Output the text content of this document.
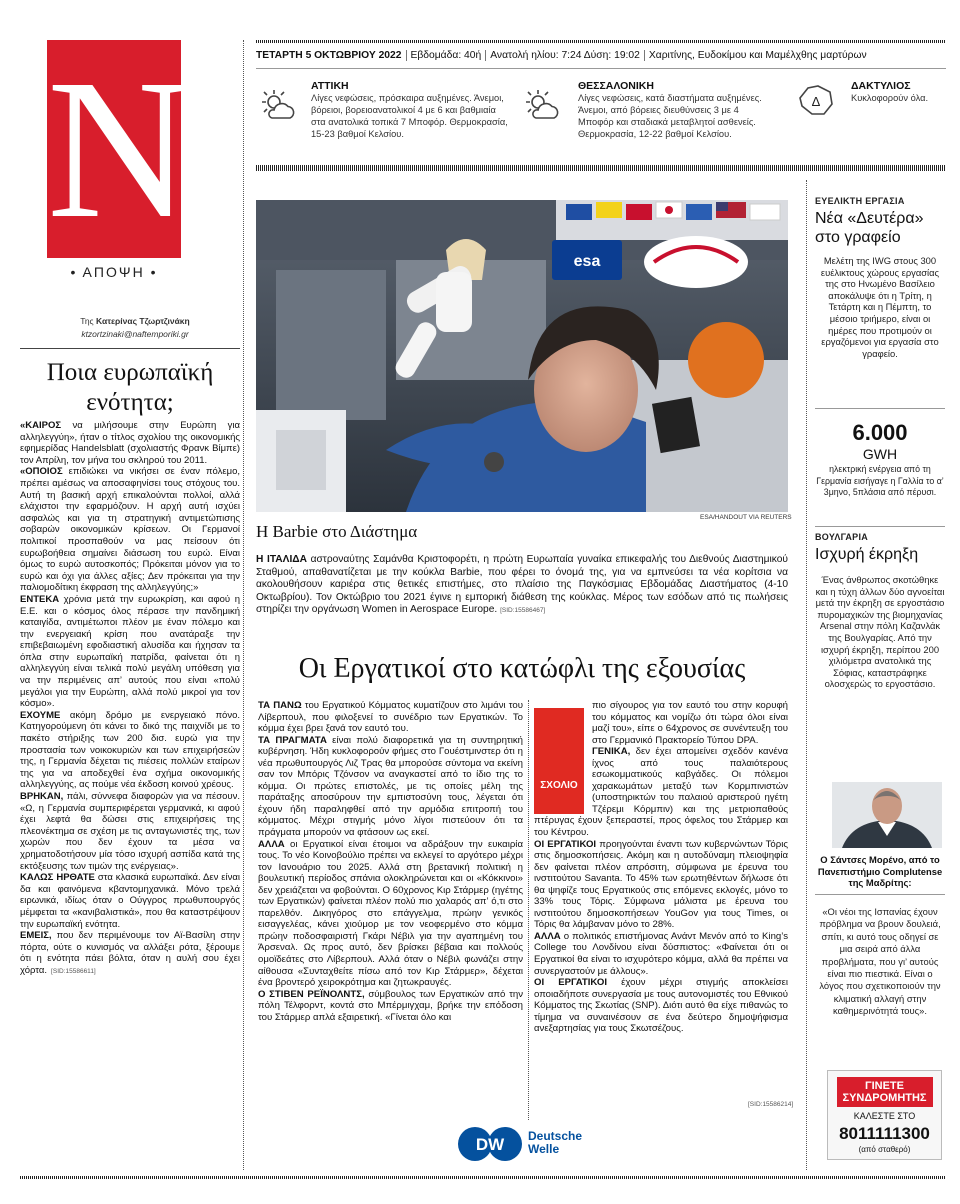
N
• ΑΠΟΨΗ •
Της Κατερίνας Τζωρτζινάκη
ktzortzinaki@naftemporiki.gr
Ποια ευρωπαϊκή ενότητα;

«ΚΑΙΡΟΣ να μιλήσουμε στην Ευρώπη για αλληλεγγύη», ήταν ο τίτλος σχολίου της οικονομικής εφημερίδας Handelsblatt (σχολιαστής Φρανκ Βίμπε) τον Απρίλη, τον μήνα του σκληρού του 2011.

«ΟΠΟΙΟΣ επιδιώκει να νικήσει σε έναν πόλεμο, πρέπει αμέσως να αποσαφηνίσει τους στόχους του. Αυτή τη βασική αρχή επικαλούνται πολλοί, αλλά ελάχιστοι την εφαρμόζουν. Η αρχή αυτή ισχύει ασφαλώς και για τη στρατηγική αντιμετώπισης σοβαρών οικονομικών κρίσεων. Οι Γερμανοί πολιτικοί προσπαθούν να μας πείσουν ότι ευρωβοήθεια σημαίνει διάσωση του ευρώ. Είναι όμως το ευρώ αυτοσκοπός; Πρόκειται μόνον για το ευρώ και όχι για άλλες αξίες; Δεν πρόκειται για την παλιομοδίτικη έκφραση της αλληλεγγύης;»

ΕΝΤΕΚΑ χρόνια μετά την ευρωκρίση, και αφού η Ε.Ε. και ο κόσμος όλος πέρασε την πανδημική καταιγίδα, αντιμέτωπoι πλέον με έναν πόλεμο και την ενεργειακή κρίση που ανατάραξε την επιβεβαιωμένη εφοδιαστική αλυσίδα και ήχησαν τα όπλα στην ευρωπαϊκή πατρίδα, φαίνεται ότι η αλληλεγγύη είναι τελικά πολύ μεγάλη υπόθεση για να την περιμένεις απ’ αυτούς που είναι «πολύ μεγάλοι για την Ευρώπη, αλλά πολύ μικροί για τον κόσμο».

ΕΧΟΥΜΕ ακόμη δρόμο με ενεργειακό πόνο. Κατηγορούμενη ότι κάνει το δικό της παιχνίδι με το πακέτο στήριξης των 200 δισ. ευρώ για την προστασία των νοικοκυριών και των επιχειρήσεών της, η Γερμανία δέχεται τις πιέσεις πολλών εταίρων της για να αποδεχθεί ένα σχήμα οικονομικής αλληλεγγύης, ας πούμε νέα έκδοση κοινού χρέους.

ΒΡΗΚΑΝ, πάλι, σύννεφα διαφορών για να πέσουν. «Ω, η Γερμανία συμπεριφέρεται γερμανικά, κι αφού έχει λεφτά θα δώσει στις επιχειρήσεις της πλεονέκτημα σε σχέση με τις ανταγωνιστές της, των χωρών που δεν έχουν τα μέσα να χρηματοδοτήσουν μία τόσο ισχυρή ασπίδα κατά της εκτόξευσης των τιμών της ενέργειας».

ΚΑΛΩΣ ΗΡΘΑΤΕ στα κλασικά ευρωπαϊκά. Δεν είναι δα και φαινόμενα κβαντομηχανικά. Μόνο τρελά ειρωνικά, ιδίως όταν ο Ούγγρος πρωθυπουργός μέμφεται τα «κανιβαλιστικά», που θα καταστρέψουν την ευρωπαϊκή ενότητα.

ΕΜΕΙΣ, που δεν περιμένουμε τον Αϊ-Βασίλη στην πόρτα, ούτε ο κυνισμός να αλλάξει ρότα, ξέρουμε ότι η ενότητα πάει βόλτα, όταν η αυλή σου έχει χόρτα. [SID:15586611]

ΤΕΤΑΡΤΗ 5 ΟΚΤΩΒΡΙΟΥ 2022 Εβδομάδα: 40ή Ανατολή ηλίου: 7:24 Δύση: 19:02 Χαριτίνης, Ευδοκίμου και Μαμέλχθης μαρτύρων
ΑΤΤΙΚΗ
Λίγες νεφώσεις, πρόσκαιρα αυξημένες. Άνεμοι, βόρειοι, βορειοανατολικοί 4 με 6 και βαθμιαία στα ανατολικά τοπικά 7 Μποφόρ. Θερμοκρασία, 15-23 βαθμοί Κελσίου.
ΘΕΣΣΑΛΟΝΙΚΗ
Λίγες νεφώσεις, κατά διαστήματα αυξημένες. Άνεμοι, από βόρειες διευθύνσεις 3 με 4 Μποφόρ και σταδιακά μεταβλητοί ασθενείς. Θερμοκρασία, 12-22 βαθμοί Κελσίου.
Δ
ΔΑΚΤΥΛΙΟΣ
Κυκλοφορούν όλα.
esa
ESA/HANDOUT VIA REUTERS
Η Barbie στο Διάστημα
Η ΙΤΑΛΙΔΑ αστροναύτης Σαμάνθα Κριστοφορέτι, η πρώτη Ευρωπαία γυναίκα επικεφαλής του Διεθνούς Διαστημικού Σταθμού, απαθανατίζεται με την κούκλα Barbie, που φέρει το όνομά της, για να εμπνεύσει τα νέα κορίτσια να ακολουθήσουν καριέρα στις θετικές επιστήμες, στο πλαίσιο της Παγκόσμιας Εβδομάδας Διαστήματος (4-10 Οκτωβρίου). Τον Οκτώβριο του 2021 έγινε η εμπορική διάθεση της κούκλας. Μέρος των εσόδων από τις πωλήσεις στηρίζει την οργάνωση Women in Aerospace Europe. [SID:15586467]
Οι Εργατικοί στο κατώφλι της εξουσίας

ΤΑ ΠΑΝΩ του Εργατικού Κόμματος κυματίζουν στο λιμάνι του Λίβερπουλ, που φιλοξενεί το συνέδριο των Εργατικών. Το κόμμα έχει βρει ξανά τον εαυτό του.

ΤΑ ΠΡΑΓΜΑΤΑ είναι πολύ διαφορετικά για τη συντηρητική κυβέρνηση. Ήδη κυκλοφορούν φήμες στο Γουέστμινστερ ότι η νέα πρωθυπουργός Λιζ Τρας θα μπορούσε σύντομα να εκείνη σαν τον Μπόρις Τζόνσον να αναγκαστεί από το ίδιο της το κόμμα. Οι πρώτες επιστολές, με τις οποίες μέλη της παράταξης αποσύρουν την εμπιστοσύνη τους, λέγεται ότι έχουν ήδη παραληφθεί από την αρμόδια επιτροπή του κόμματος. Μέχρι στιγμής μόνο λίγοι πιστεύουν ότι τα πράγματα μπορούν να φτάσουν ως εκεί.

ΑΛΛΑ οι Εργατικοί είναι έτοιμοι να αδράξουν την ευκαιρία τους. Το νέο Κοινοβούλιο πρέπει να εκλεγεί το αργότερο μέχρι τον Ιανουάριο του 2025. Αλλά στη βρετανική πολιτική η βουλευτική περίοδος σπάνια ολοκληρώνεται και οι «Κόκκινοι» δεν χρειάζεται να φοβούνται. Ο 60χρονος Κιρ Στάρμερ (ηγέτης των Εργατικών) φαίνεται πλέον πολύ πιο χαλαρός απ’ ό,τι στο παρελθόν. Δικηγόρος στο επάγγελμα, πρώην γενικός εισαγγελέας, κάνει χιούμορ με τον νεοφερμένο στο κόμμα πρώην ποδοσφαιριστή Γκάρι Νέβιλ για την αγαπημένη του Άρσεναλ. Ως προς αυτό, δεν βρίσκει βέβαια και πολλούς ομοϊδεάτες στο Λίβερπουλ. Αλλά όταν ο Νέβιλ φωνάζει στην αίθουσα «Συνταχθείτε πίσω από τον Κιρ Στάρμερ», δέχεται ένα βροντερό χειροκρότημα και ζητωκραυγές.

Ο ΣΤΙΒΕΝ ΡΕΪΝΟΛΝΤΣ, σύμβουλος των Εργατικών από την πόλη Τέλφορντ, κοντά στο Μπέρμιγχαμ, βρήκε την επόδοση του Στάρμερ απλά εξαιρετική. «Γίνεται όλο και

πιο σίγουρος για τον εαυτό του στην κορυφή του κόμματος και νομίζω ότι τώρα όλοι είναι μαζί του», είπε ο 64χρονος σε συνέντευξη του στο Γερμανικό Πρακτορείο Τύπου DPA.

ΓΕΝΙΚΑ, δεν έχει απομείνει σχεδόν κανένα ίχνος από τους παλαιότερους εσωκομματικούς καβγάδες. Οι πόλεμοι χαρακωμάτων μεταξύ των Κορμπινιστών (υποστηρικτών του παλαιού αριστερού ηγέτη Τζέρεμι Κόρμπιν) και της μετριοπαθούς πτέρυγας έχουν ξεπεραστεί, προς όφελος του Στάρμερ και του Κέντρου.

ΟΙ ΕΡΓΑΤΙΚΟΙ προηγούνται έναντι των κυβερνώντων Τόρις στις δημοσκοπήσεις. Ακόμη και η αυτοδύναμη πλειοψηφία δεν φαίνεται πλέον απρόσιτη, σύμφωνα με έρευνα του ινστιτούτου Savanta. Το 45% των ερωτηθέντων δήλωσε ότι θα ψηφίζε τους Εργατικούς στις επόμενες εκλογές, μόνο το 33% τους Τόρις. Σύμφωνα μάλιστα με έρευνα του ινστιτούτου δημοσκοπήσεων YouGov για τους Times, οι Τόρις θα λάμβαναν μόνο το 28%.

ΑΛΛΑ ο πολιτικός επιστήμονας Ανάντ Μενόν από το King’s College του Λονδίνου είναι δύσπιστος: «Φαίνεται ότι οι Εργατικοί θα είναι το ισχυρότερο κόμμα, αλλά θα πρέπει να συνεργαστούν με άλλους».

ΟΙ ΕΡΓΑΤΙΚΟΙ έχουν μέχρι στιγμής αποκλείσει οποιαδήποτε συνεργασία με τους αυτονομιστές του Εθνικού Κόμματος της Σκωτίας (SNP). Διότι αυτό θα είχε πιθανώς το τίμημα να συναινέσουν σε ένα δεύτερο δημοψήφισμα ανεξαρτησίας για τους Σκωτσέζους.

ΣΧΟΛΙΟ
[SID:15586214]
DW Deutsche
Welle
ΕΥΕΛΙΚΤΗ ΕΡΓΑΣΙΑ
Νέα «Δευτέρα» στο γραφείο
Μελέτη της IWG στους 300 ευέλικτους χώρους εργασίας της στο Ηνωμένο Βασίλειο αποκάλυψε ότι η Τρίτη, η Τετάρτη και η Πέμπτη, το μέσοιο τριήμερο, είναι οι ημέρες που προτιμούν οι εργαζόμενοι για εργασία στο γραφείο.
6.000
GWH
ηλεκτρική ενέργεια από τη Γερμανία εισήγαγε η Γαλλία το α’ 3μηνο, 5πλάσια από πέρυσι.
ΒΟΥΛΓΑΡΙΑ
Ισχυρή έκρηξη
Ένας άνθρωπος σκοτώθηκε και η τύχη άλλων δύο αγνοείται μετά την έκρηξη σε εργοστάσιο πυρομαχικών της βιομηχανίας Arsenal στην πόλη Καζανλάκ της Βουλγαρίας. Από την ισχυρή έκρηξη, περίπου 200 χιλιόμετρα ανατολικά της Σόφιας, καταστράφηκε ολοσχερώς το εργοστάσιο.
Ο Σάντσες Μορένο, από το Πανεπιστήμιο Complutense της Μαδρίτης:
«Οι νέοι της Ισπανίας έχουν πρόβλημα να βρουν δουλειά, σπίτι, κι αυτό τους οδηγεί σε μια σειρά από άλλα προβλήματα, που γι’ αυτούς είναι πιο πιεστικά. Είναι ο λόγος που σχετικοποιούν την κλιματική αλλαγή στην καθημερινότητά τους».
ΓΙΝΕΤΕ
ΣΥΝΔΡΟΜΗΤΗΣ
ΚΑΛΕΣΤΕ ΣΤΟ
8011111300
(από σταθερό)
